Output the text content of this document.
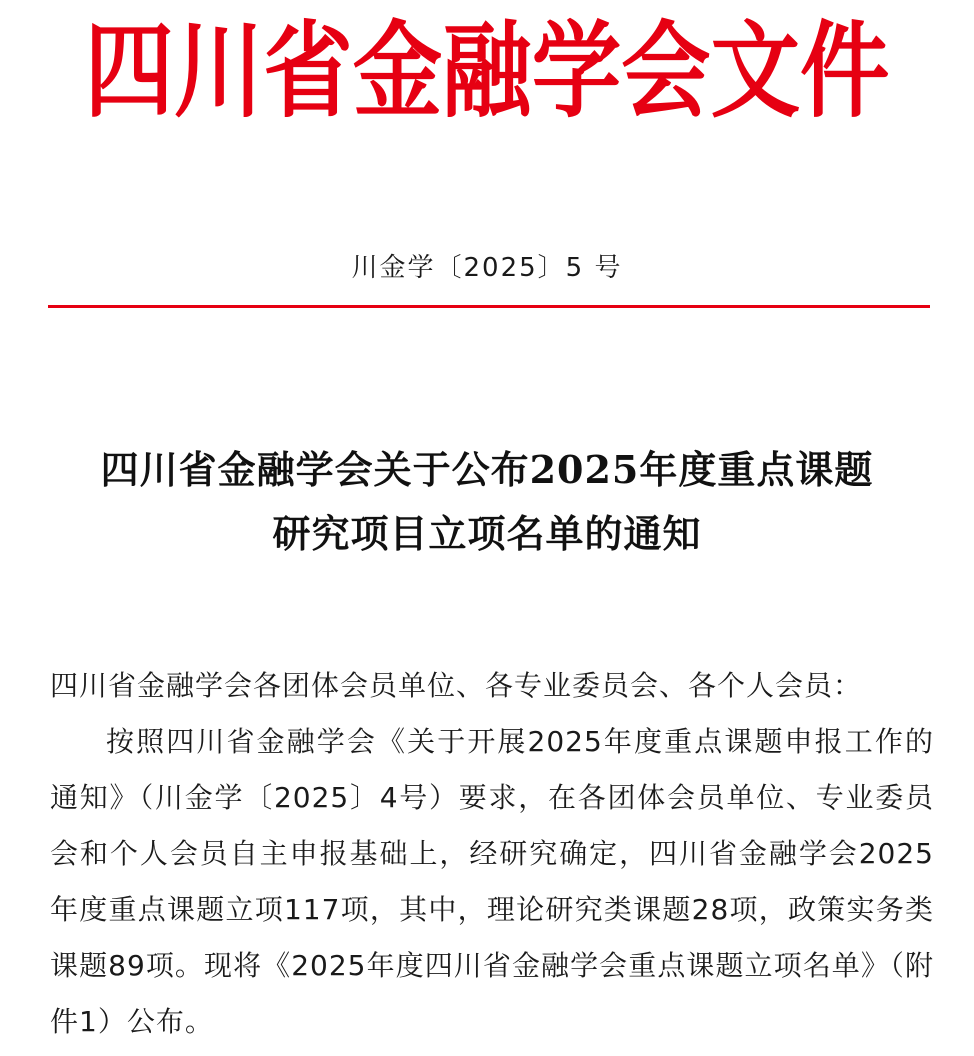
四川省金融学会文件
川金学〔2025〕5 号
四川省金融学会关于公布2025年度重点课题
研究项目立项名单的通知
四川省金融学会各团体会员单位、各专业委员会、各个人会员：
按照四川省金融学会《关于开展2025年度重点课题申报工作的通知》（川金学〔2025〕4号）要求，在各团体会员单位、专业委员会和个人会员自主申报基础上，经研究确定，四川省金融学会2025年度重点课题立项117项，其中，理论研究类课题28项，政策实务类课题89项。现将《2025年度四川省金融学会重点课题立项名单》（附件1）公布。
